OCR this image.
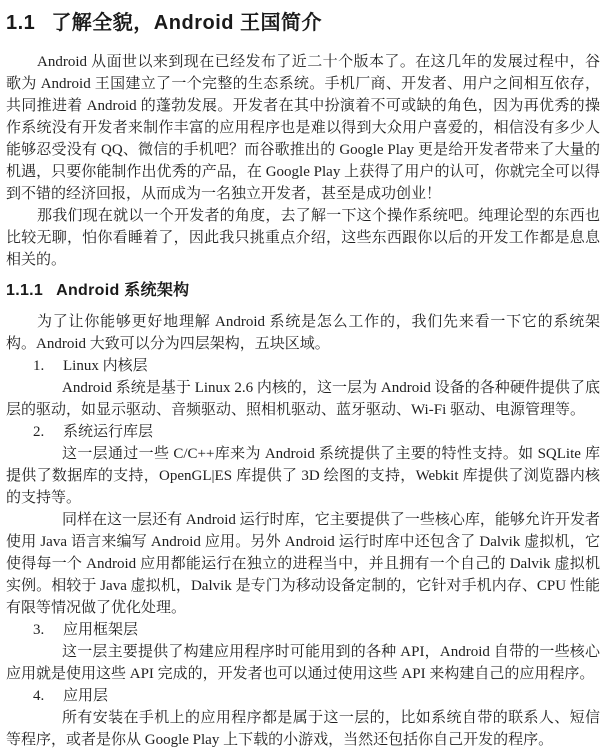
1.1 了解全貌，Android 王国简介

Android 从面世以来到现在已经发布了近二十个版本了。在这几年的发展过程中，谷歌为 Android 王国建立了一个完整的生态系统。手机厂商、开发者、用户之间相互依存，共同推进着 Android 的蓬勃发展。开发者在其中扮演着不可或缺的角色，因为再优秀的操作系统没有开发者来制作丰富的应用程序也是难以得到大众用户喜爱的，相信没有多少人能够忍受没有 QQ、微信的手机吧？而谷歌推出的 Google Play 更是给开发者带来了大量的机遇，只要你能制作出优秀的产品，在 Google Play 上获得了用户的认可，你就完全可以得到不错的经济回报，从而成为一名独立开发者，甚至是成功创业！

那我们现在就以一个开发者的角度，去了解一下这个操作系统吧。纯理论型的东西也比较无聊，怕你看睡着了，因此我只挑重点介绍，这些东西跟你以后的开发工作都是息息相关的。

1.1.1 Android 系统架构

为了让你能够更好地理解 Android 系统是怎么工作的，我们先来看一下它的系统架构。Android 大致可以分为四层架构，五块区域。

1. Linux 内核层

Android 系统是基于 Linux 2.6 内核的，这一层为 Android 设备的各种硬件提供了底层的驱动，如显示驱动、音频驱动、照相机驱动、蓝牙驱动、Wi-Fi 驱动、电源管理等。

2. 系统运行库层

这一层通过一些 C/C++库来为 Android 系统提供了主要的特性支持。如 SQLite 库提供了数据库的支持，OpenGL|ES 库提供了 3D 绘图的支持，Webkit 库提供了浏览器内核的支持等。

同样在这一层还有 Android 运行时库，它主要提供了一些核心库，能够允许开发者使用 Java 语言来编写 Android 应用。另外 Android 运行时库中还包含了 Dalvik 虚拟机，它使得每一个 Android 应用都能运行在独立的进程当中，并且拥有一个自己的 Dalvik 虚拟机实例。相较于 Java 虚拟机，Dalvik 是专门为移动设备定制的，它针对手机内存、CPU 性能有限等情况做了优化处理。

3. 应用框架层

这一层主要提供了构建应用程序时可能用到的各种 API，Android 自带的一些核心应用就是使用这些 API 完成的，开发者也可以通过使用这些 API 来构建自己的应用程序。

4. 应用层

所有安装在手机上的应用程序都是属于这一层的，比如系统自带的联系人、短信等程序，或者是你从 Google Play 上下载的小游戏，当然还包括你自己开发的程序。
